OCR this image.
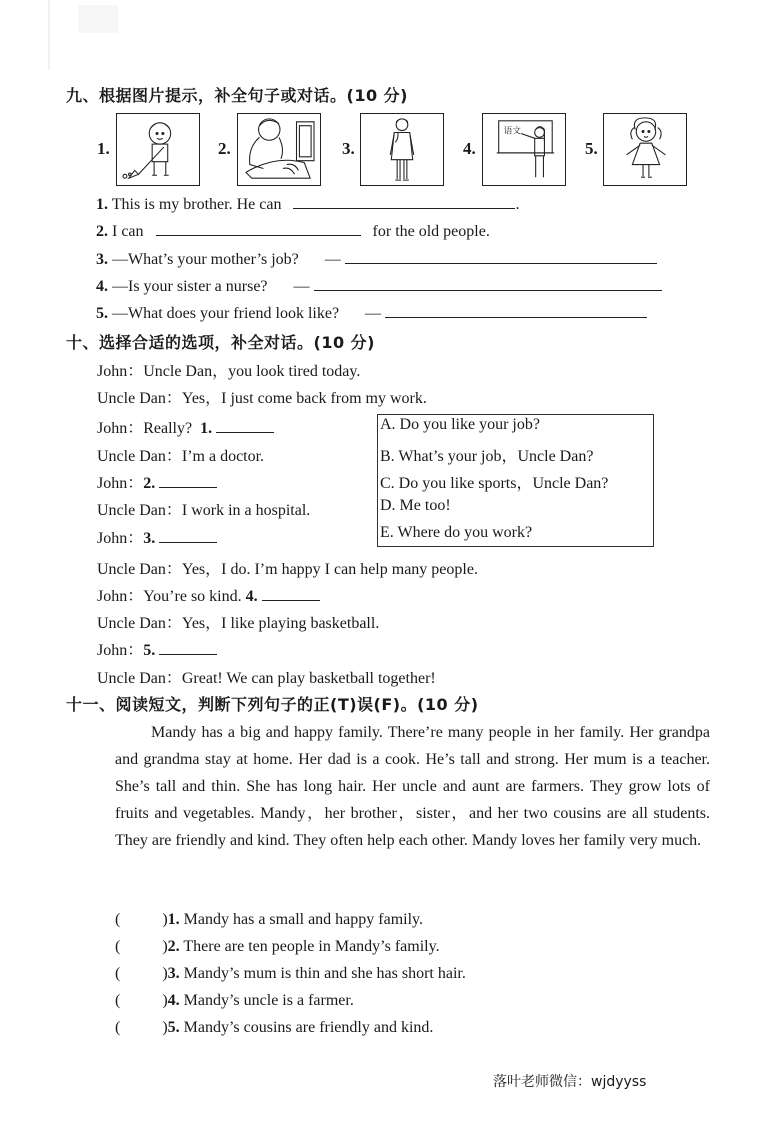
九、根据图片提示，补全句子或对话。(10 分)
1.	2.	3.	4.
语文
5.
1. This is my brother. He can	.
2. I can	for the old people.
3. —What’s your mother’s job? —
4. —Is your sister a nurse? —
5. —What does your friend look like? —
十、选择合适的选项，补全对话。(10 分)
John：Uncle Dan，you look tired today.
Uncle Dan：Yes，I just come back from my work.
John：Really? 1.
Uncle Dan：I’m a doctor.
John：2.
Uncle Dan：I work in a hospital.
John：3.
Uncle Dan：Yes，I do. I’m happy I can help many people.
John：You’re so kind. 4.
Uncle Dan：Yes，I like playing basketball.
John：5.
Uncle Dan：Great! We can play basketball together!
A. Do you like your job?
B. What’s your job，Uncle Dan?
C. Do you like sports，Uncle Dan?
D. Me too!
E. Where do you work?
十一、阅读短文，判断下列句子的正(T)误(F)。(10 分)

Mandy has a big and happy family. There’re many people in her family. Her grandpa and grandma stay at home. Her dad is a cook. He’s tall and strong. Her mum is a teacher. She’s tall and thin. She has long hair. Her uncle and aunt are farmers. They grow lots of fruits and vegetables. Mandy，her brother，sister，and her two cousins are all students. They are friendly and kind. They often help each other. Mandy loves her family very much.

(	)1. Mandy has a small and happy family.
(	)2. There are ten people in Mandy’s family.
(	)3. Mandy’s mum is thin and she has short hair.
(	)4. Mandy’s uncle is a farmer.
(	)5. Mandy’s cousins are friendly and kind.
落叶老师微信：wjdyyss
